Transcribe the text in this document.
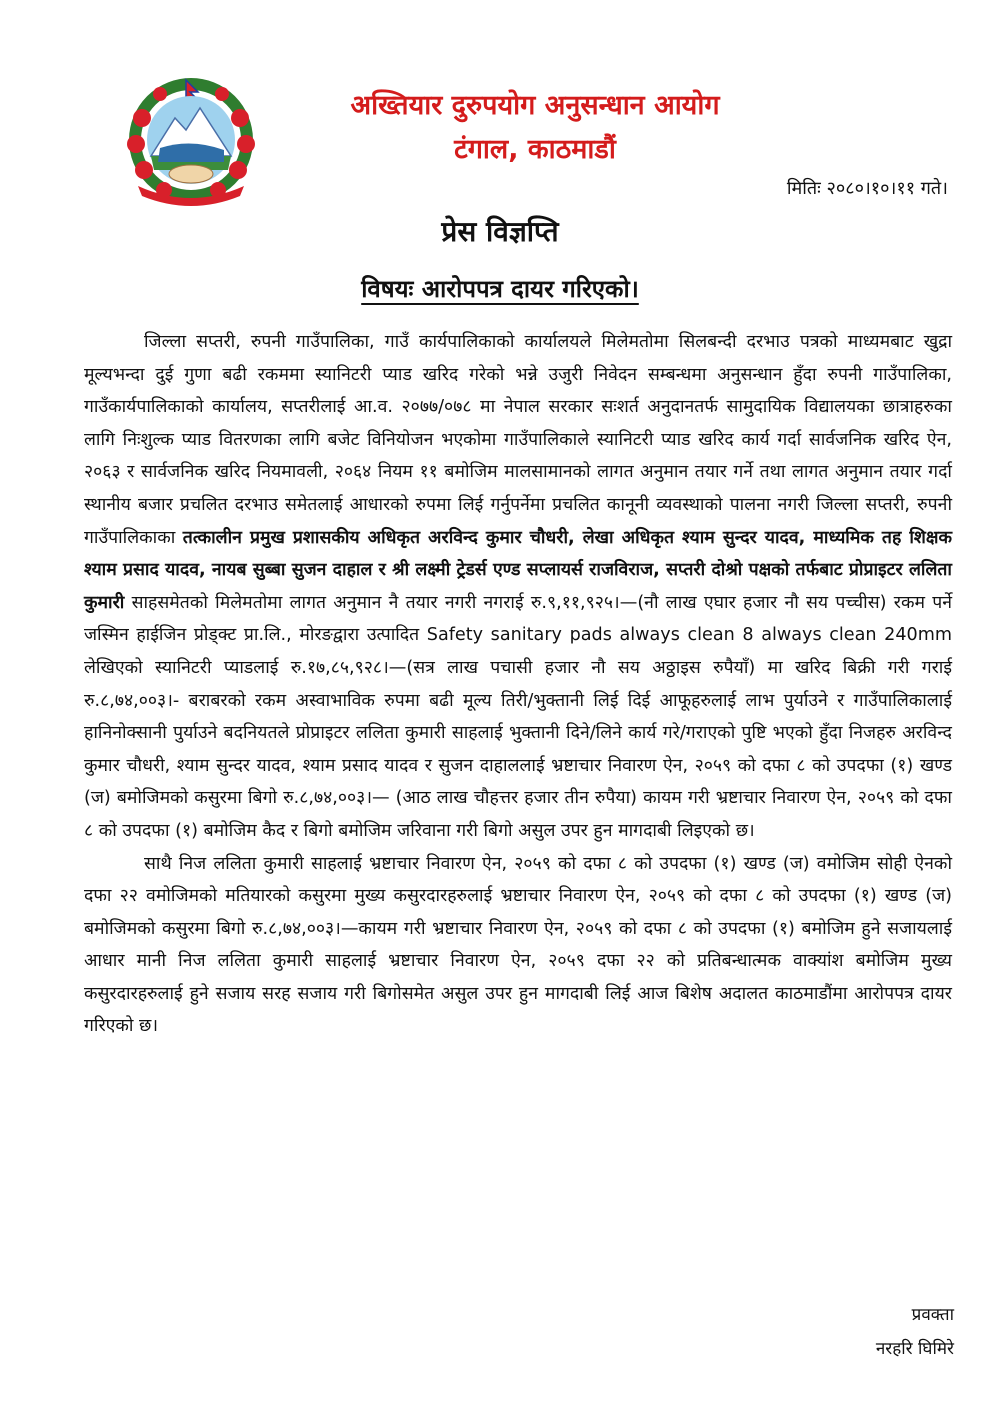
अख्तियार दुरुपयोग अनुसन्धान आयोग
टंगाल, काठमाडौं
मितिः २०८०।१०।११ गते।
प्रेस विज्ञप्ति
विषयः आरोपपत्र दायर गरिएको।

जिल्ला सप्तरी, रुपनी गाउँपालिका, गाउँ कार्यपालिकाको कार्यालयले मिलेमतोमा सिलबन्दी दरभाउ पत्रको माध्यमबाट खुद्रा मूल्यभन्दा दुई गुणा बढी रकममा स्यानिटरी प्याड खरिद गरेको भन्ने उजुरी निवेदन सम्बन्धमा अनुसन्धान हुँदा रुपनी गाउँपालिका, गाउँकार्यपालिकाको कार्यालय, सप्तरीलाई आ.व. २०७७/०७८ मा नेपाल सरकार सःशर्त अनुदानतर्फ सामुदायिक विद्यालयका छात्राहरुका लागि निःशुल्क प्याड वितरणका लागि बजेट विनियोजन भएकोमा गाउँपालिकाले स्यानिटरी प्याड खरिद कार्य गर्दा सार्वजनिक खरिद ऐन, २०६३ र सार्वजनिक खरिद नियमावली, २०६४ नियम ११ बमोजिम मालसामानको लागत अनुमान तयार गर्ने तथा लागत अनुमान तयार गर्दा स्थानीय बजार प्रचलित दरभाउ समेतलाई आधारको रुपमा लिई गर्नुपर्नेमा प्रचलित कानूनी व्यवस्थाको पालना नगरी जिल्ला सप्तरी, रुपनी गाउँपालिकाका तत्कालीन प्रमुख प्रशासकीय अधिकृत अरविन्द कुमार चौधरी, लेखा अधिकृत श्याम सुन्दर यादव, माध्यमिक तह शिक्षक श्याम प्रसाद यादव, नायब सुब्बा सुजन दाहाल र श्री लक्ष्मी ट्रेडर्स एण्ड सप्लायर्स राजविराज, सप्तरी दोश्रो पक्षको तर्फबाट प्रोप्राइटर ललिता कुमारी साहसमेतको मिलेमतोमा लागत अनुमान नै तयार नगरी नगराई रु.९,११,९२५।—(नौ लाख एघार हजार नौ सय पच्चीस) रकम पर्ने जस्मिन हाईजिन प्रोड्क्ट प्रा.लि., मोरङद्वारा उत्पादित Safety sanitary pads always clean 8 always clean 240mm लेखिएको स्यानिटरी प्याडलाई रु.१७,८५,९२८।—(सत्र लाख पचासी हजार नौ सय अठ्ठाइस रुपैयाँ) मा खरिद बिक्री गरी गराई रु.८,७४,००३।- बराबरको रकम अस्वाभाविक रुपमा बढी मूल्य तिरी/भुक्तानी लिई दिई आफूहरुलाई लाभ पुर्याउने र गाउँपालिकालाई हानिनोक्सानी पुर्याउने बदनियतले प्रोप्राइटर ललिता कुमारी साहलाई भुक्तानी दिने/लिने कार्य गरे/गराएको पुष्टि भएको हुँदा निजहरु अरविन्द कुमार चौधरी, श्याम सुन्दर यादव, श्याम प्रसाद यादव र सुजन दाहाललाई भ्रष्टाचार निवारण ऐन, २०५९ को दफा ८ को उपदफा (१) खण्ड (ज) बमोजिमको कसुरमा बिगो रु.८,७४,००३।— (आठ लाख चौहत्तर हजार तीन रुपैया) कायम गरी भ्रष्टाचार निवारण ऐन, २०५९ को दफा ८ को उपदफा (१) बमोजिम कैद र बिगो बमोजिम जरिवाना गरी बिगो असुल उपर हुन मागदाबी लिइएको छ।

साथै निज ललिता कुमारी साहलाई भ्रष्टाचार निवारण ऐन, २०५९ को दफा ८ को उपदफा (१) खण्ड (ज) वमोजिम सोही ऐनको दफा २२ वमोजिमको मतियारको कसुरमा मुख्य कसुरदारहरुलाई भ्रष्टाचार निवारण ऐन, २०५९ को दफा ८ को उपदफा (१) खण्ड (ज) बमोजिमको कसुरमा बिगो रु.८,७४,००३।—कायम गरी भ्रष्टाचार निवारण ऐन, २०५९ को दफा ८ को उपदफा (१) बमोजिम हुने सजायलाई आधार मानी निज ललिता कुमारी साहलाई भ्रष्टाचार निवारण ऐन, २०५९ दफा २२ को प्रतिबन्धात्मक वाक्यांश बमोजिम मुख्य कसुरदारहरुलाई हुने सजाय सरह सजाय गरी बिगोसमेत असुल उपर हुन मागदाबी लिई आज बिशेष अदालत काठमाडौंमा आरोपपत्र दायर गरिएको छ।

प्रवक्ता
नरहरि घिमिरे
